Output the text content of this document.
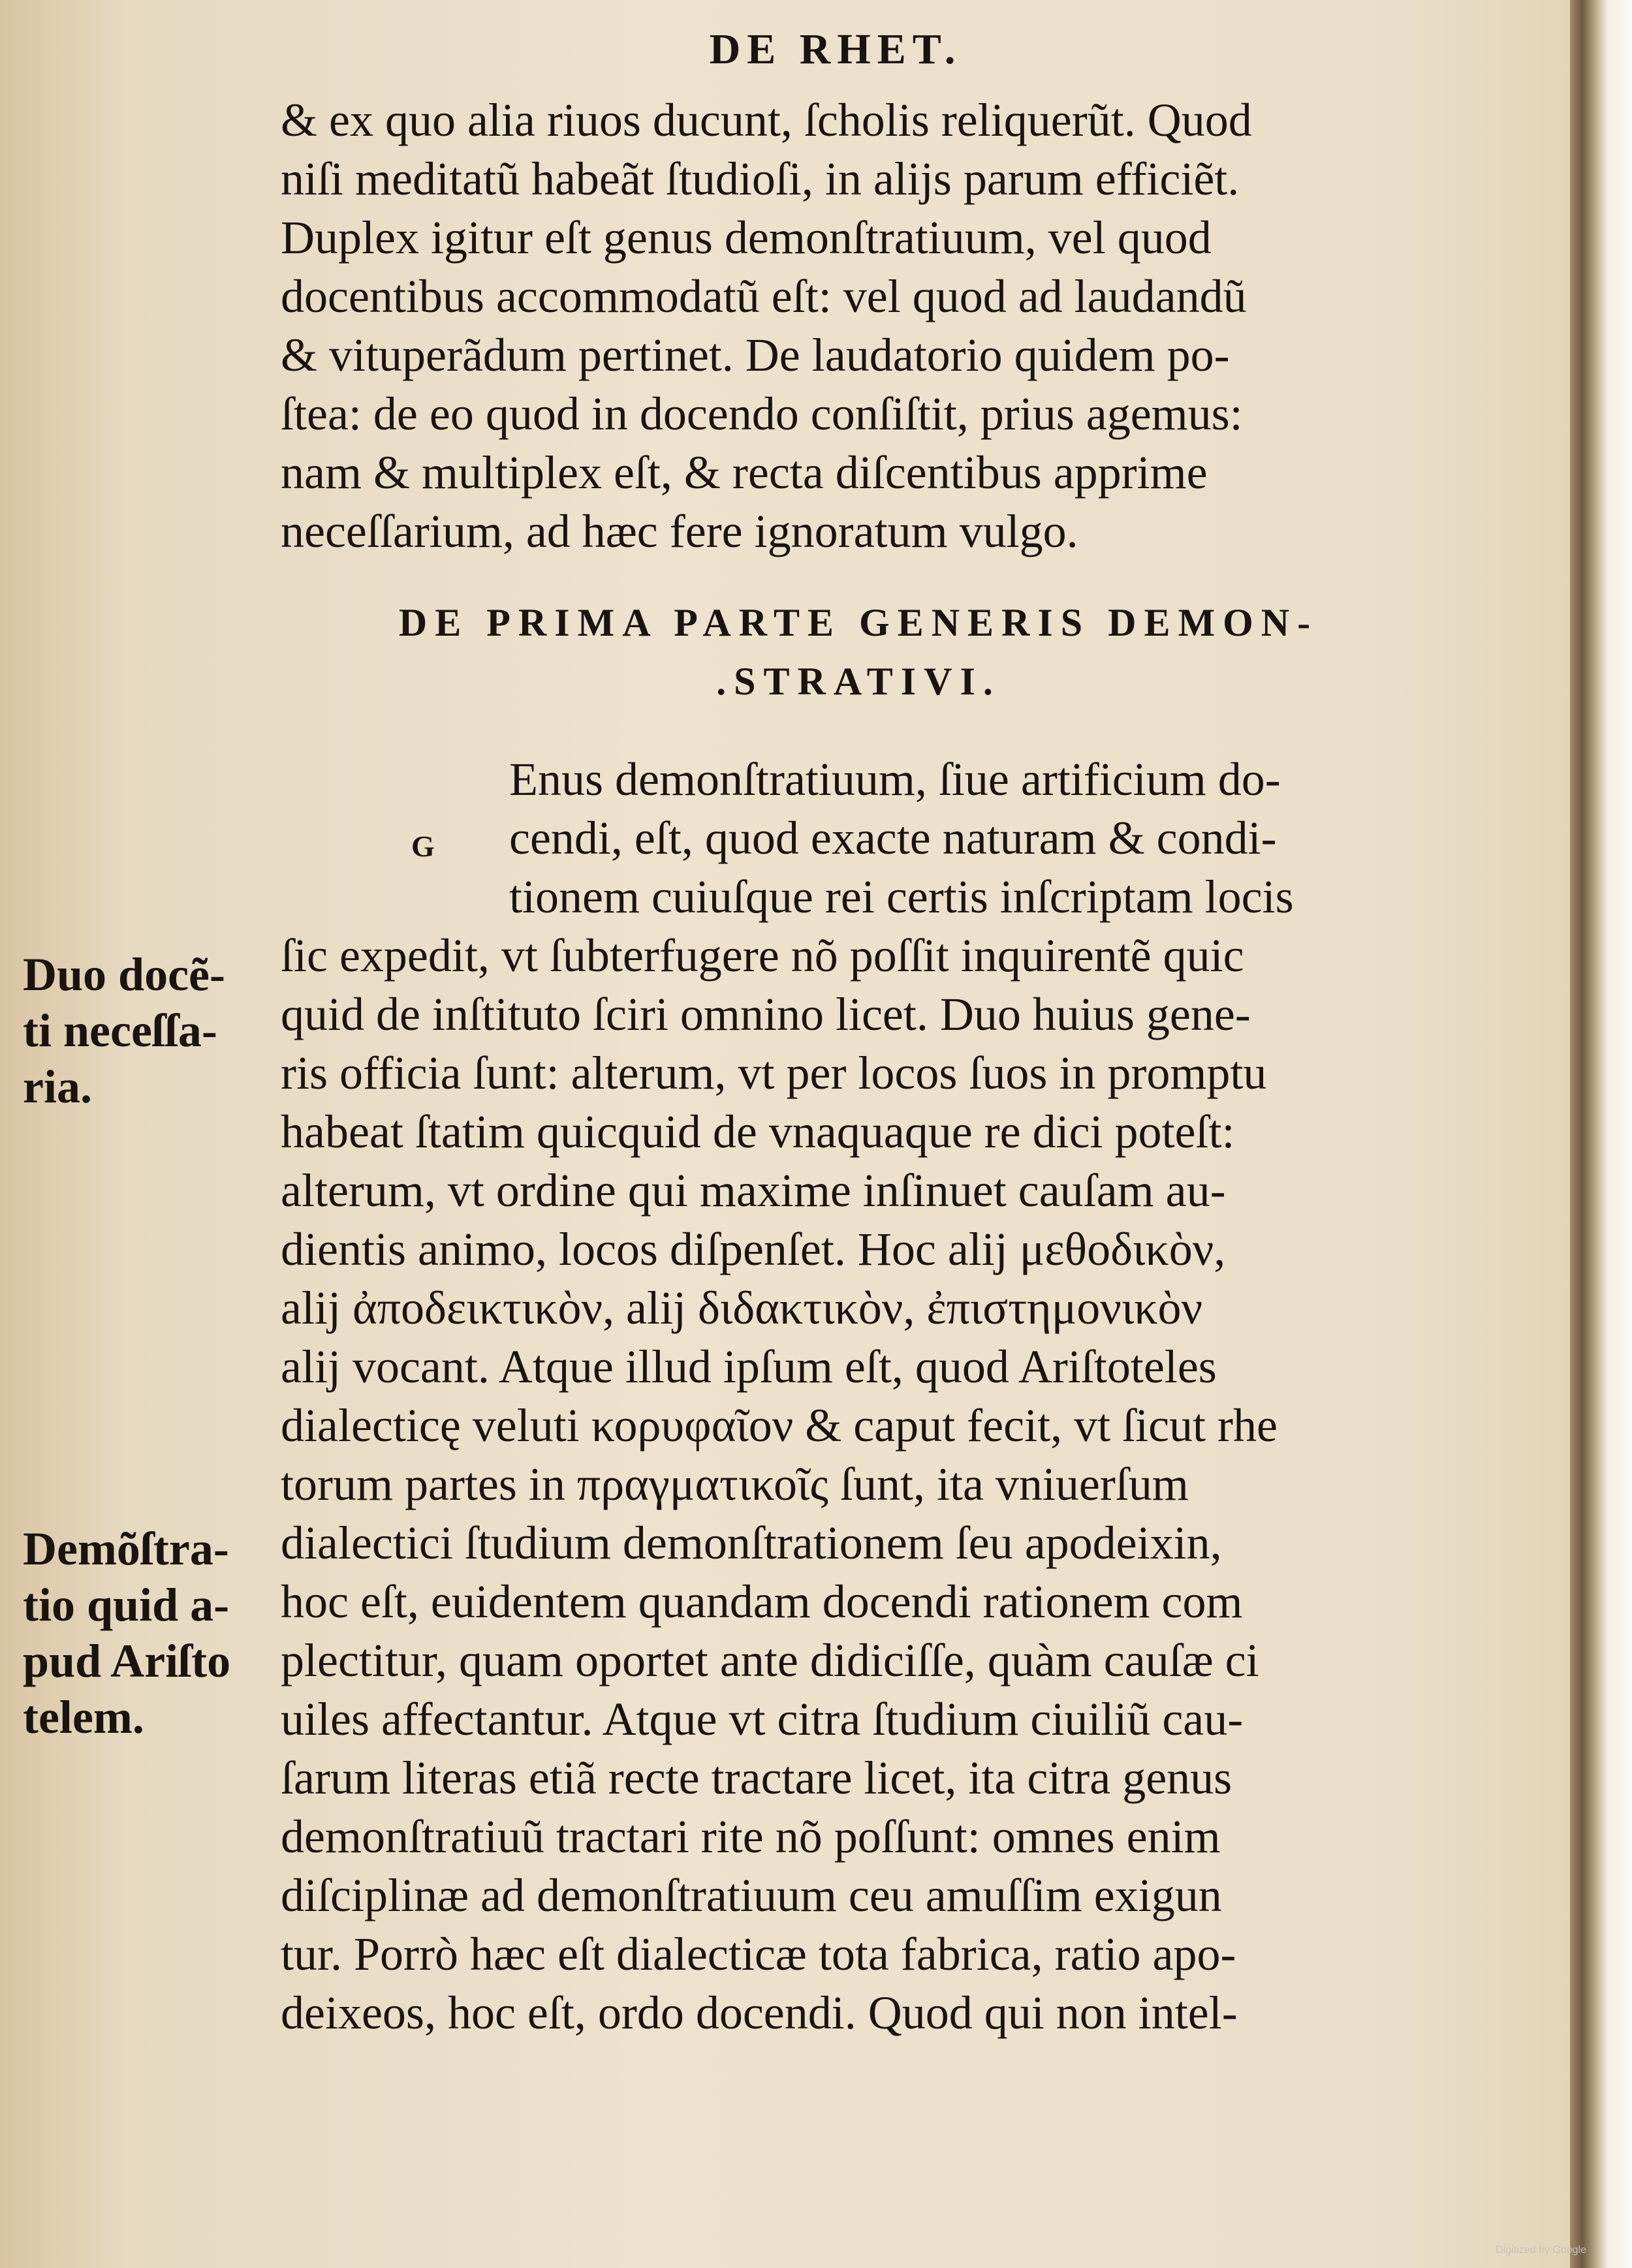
DE RHET.
& ex quo alia riuos ducunt, ſcholis reliquerũt. Quod
niſi meditatũ habeãt ſtudioſi, in alijs parum efficiẽt.
Duplex igitur eſt genus demonſtratiuum, vel quod
docentibus accommodatũ eſt: vel quod ad laudandũ
& vituperãdum pertinet. De laudatorio quidem po-
ſtea: de eo quod in docendo conſiſtit, prius agemus:
nam & multiplex eſt, & recta diſcentibus apprime
neceſſarium, ad hæc fere ignoratum vulgo.
DE PRIMA PARTE GENERIS DEMON-
.STRATIVI.
G
Enus demonſtratiuum, ſiue artificium do-
cendi, eſt, quod exacte naturam & condi-
tionem cuiuſque rei certis inſcriptam locis
ſic expedit, vt ſubterfugere nõ poſſit inquirentẽ quic
quid de inſtituto ſciri omnino licet. Duo huius gene-
ris officia ſunt: alterum, vt per locos ſuos in promptu
habeat ſtatim quicquid de vnaquaque re dici poteſt:
alterum, vt ordine qui maxime inſinuet cauſam au-
dientis animo, locos diſpenſet. Hoc alij μεθοδικὸν,
alij ἀποδεικτικὸν, alij διδακτικὸν, ἐπιστημονικὸν
alij vocant. Atque illud ipſum eſt, quod Ariſtoteles
dialecticę veluti κορυφαῖον & caput fecit, vt ſicut rhe
torum partes in πραγματικοῖς ſunt, ita vniuerſum
dialectici ſtudium demonſtrationem ſeu apodeixin,
hoc eſt, euidentem quandam docendi rationem com
plectitur, quam oportet ante didiciſſe, quàm cauſæ ci
uiles affectantur. Atque vt citra ſtudium ciuiliũ cau-
ſarum literas etiã recte tractare licet, ita citra genus
demonſtratiuũ tractari rite nõ poſſunt: omnes enim
diſciplinæ ad demonſtratiuum ceu amuſſim exigun
tur. Porrò hæc eſt dialecticæ tota fabrica, ratio apo-
deixeos, hoc eſt, ordo docendi. Quod qui non intel-
Duo docẽ-
ti neceſſa-
ria.
Demõſtra-
tio quid a-
pud Ariſto
telem.
Digitized by Google
